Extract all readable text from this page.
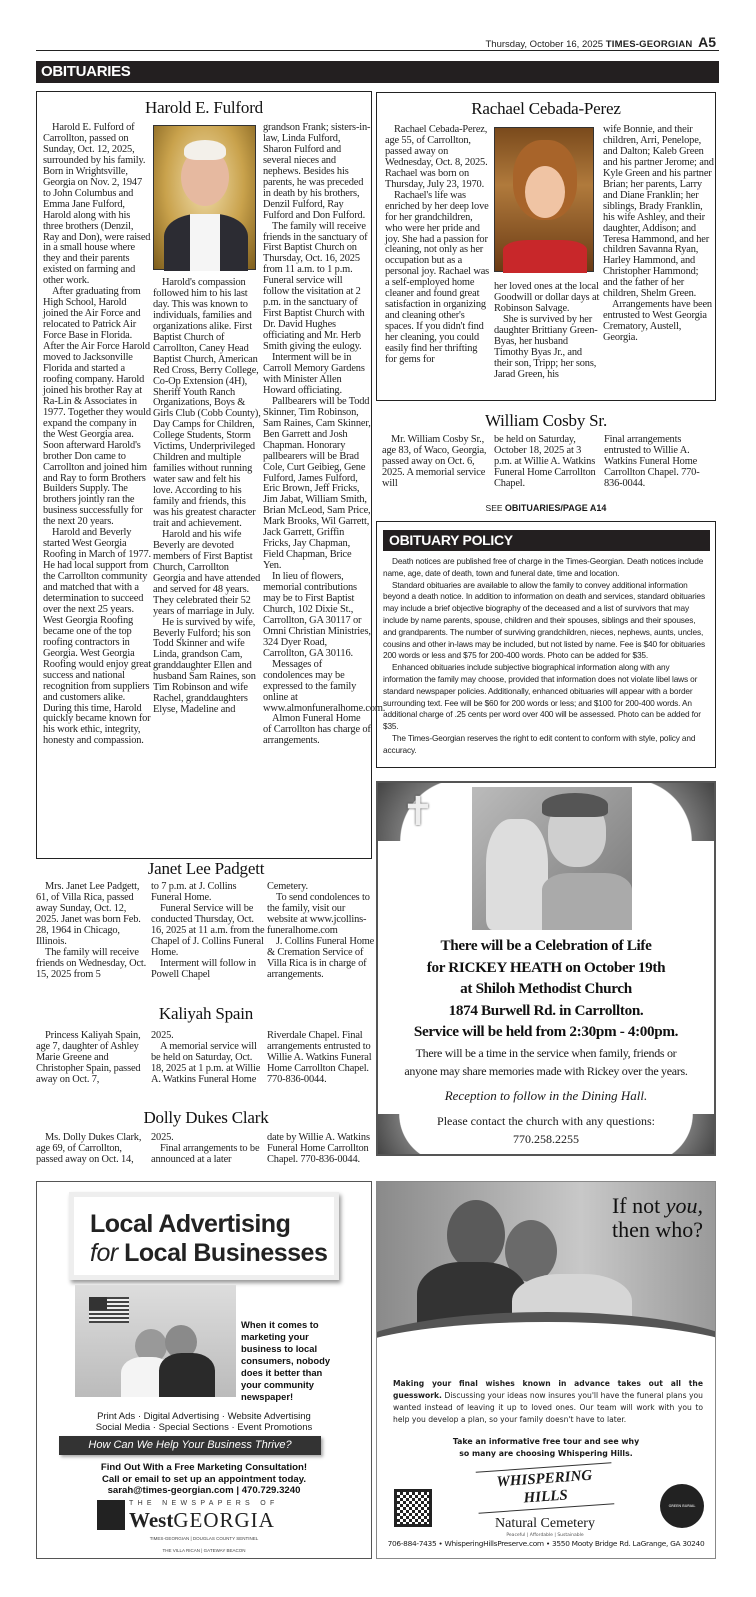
Thursday, October 16, 2025 TIMES-GEORGIAN A5
OBITUARIES
Harold E. Fulford

Harold E. Fulford of Carrollton, passed on Sunday, Oct. 12, 2025, surrounded by his family. Born in Wrightsville, Georgia on Nov. 2, 1947 to John Columbus and Emma Jane Fulford, Harold along with his three brothers (Denzil, Ray and Don), were raised in a small house where they and their parents existed on farming and other work.

After graduating from High School, Harold joined the Air Force and relocated to Patrick Air Force Base in Florida. After the Air Force Harold moved to Jacksonville Florida and started a roofing company. Harold joined his brother Ray at Ra-Lin & Associates in 1977. Together they would expand the company in the West Georgia area. Soon afterward Harold's brother Don came to Carrollton and joined him and Ray to form Brothers Builders Supply. The brothers jointly ran the business successfully for the next 20 years.

Harold and Beverly started West Georgia Roofing in March of 1977. He had local support from the Carrollton community and matched that with a determination to succeed over the next 25 years. West Georgia Roofing became one of the top roofing contractors in Georgia. West Georgia Roofing would enjoy great success and national recognition from suppliers and customers alike. During this time, Harold quickly became known for his work ethic, integrity, honesty and compassion.

Harold's compassion followed him to his last day. This was known to individuals, families and organizations alike. First Baptist Church of Carrollton, Caney Head Baptist Church, American Red Cross, Berry College, Co-Op Extension (4H), Sheriff Youth Ranch Organizations, Boys & Girls Club (Cobb County), Day Camps for Children, College Students, Storm Victims, Underprivileged Children and multiple families without running water saw and felt his love. According to his family and friends, this was his greatest character trait and achievement.

Harold and his wife Beverly are devoted members of First Baptist Church, Carrollton Georgia and have attended and served for 48 years. They celebrated their 52 years of marriage in July.

He is survived by wife, Beverly Fulford; his son Todd Skinner and wife Linda, grandson Cam, granddaughter Ellen and husband Sam Raines, son Tim Robinson and wife Rachel, granddaughters Elyse, Madeline and

grandson Frank; sisters-in-law, Linda Fulford, Sharon Fulford and several nieces and nephews. Besides his parents, he was preceded in death by his brothers, Denzil Fulford, Ray Fulford and Don Fulford.

The family will receive friends in the sanctuary of First Baptist Church on Thursday, Oct. 16, 2025 from 11 a.m. to 1 p.m. Funeral service will follow the visitation at 2 p.m. in the sanctuary of First Baptist Church with Dr. David Hughes officiating and Mr. Herb Smith giving the eulogy.

Interment will be in Carroll Memory Gardens with Minister Allen Howard officiating.

Pallbearers will be Todd Skinner, Tim Robinson, Sam Raines, Cam Skinner, Ben Garrett and Josh Chapman. Honorary pallbearers will be Brad Cole, Curt Geibieg, Gene Fulford, James Fulford, Eric Brown, Jeff Fricks, Jim Jabat, William Smith, Brian McLeod, Sam Price, Mark Brooks, Wil Garrett, Jack Garrett, Griffin Fricks, Jay Chapman, Field Chapman, Brice Yen.

In lieu of flowers, memorial contributions may be to First Baptist Church, 102 Dixie St., Carrollton, GA 30117 or Omni Christian Ministries, 324 Dyer Road, Carrollton, GA 30116.

Messages of condolences may be expressed to the family online at www.almonfuneralhome.com.

Almon Funeral Home of Carrollton has charge of arrangements.

Rachael Cebada-Perez

Rachael Cebada-Perez, age 55, of Carrollton, passed away on Wednesday, Oct. 8, 2025. Rachael was born on Thursday, July 23, 1970.

Rachael's life was enriched by her deep love for her grandchildren, who were her pride and joy. She had a passion for cleaning, not only as her occupation but as a personal joy. Rachael was a self-employed home cleaner and found great satisfaction in organizing and cleaning other's spaces. If you didn't find her cleaning, you could easily find her thrifting for gems for

her loved ones at the local Goodwill or dollar days at Robinson Salvage.

She is survived by her daughter Brittiany Green-Byas, her husband Timothy Byas Jr., and their son, Tripp; her sons, Jarad Green, his

wife Bonnie, and their children, Arri, Penelope, and Dalton; Kaleb Green and his partner Jerome; and Kyle Green and his partner Brian; her parents, Larry and Diane Franklin; her siblings, Brady Franklin, his wife Ashley, and their daughter, Addison; and Teresa Hammond, and her children Savanna Ryan, Harley Hammond, and Christopher Hammond; and the father of her children, Shelm Green.

Arrangements have been entrusted to West Georgia Crematory, Austell, Georgia.

William Cosby Sr.

Mr. William Cosby Sr., age 83, of Waco, Georgia, passed away on Oct. 6, 2025. A memorial service will

be held on Saturday, October 18, 2025 at 3 p.m. at Willie A. Watkins Funeral Home Carrollton Chapel.

Final arrangements entrusted to Willie A. Watkins Funeral Home Carrollton Chapel. 770-836-0044.

SEE OBITUARIES/PAGE A14
OBITUARY POLICY

Death notices are published free of charge in the Times-Georgian. Death notices include name, age, date of death, town and funeral date, time and location.

Standard obituaries are available to allow the family to convey additional information beyond a death notice. In addition to information on death and services, standard obituaries may include a brief objective biography of the deceased and a list of survivors that may include by name parents, spouse, children and their spouses, siblings and their spouses, and grandparents. The number of surviving grandchildren, nieces, nephews, aunts, uncles, cousins and other in-laws may be included, but not listed by name. Fee is $40 for obituaries 200 words or less and $75 for 200-400 words. Photo can be added for $35.

Enhanced obituaries include subjective biographical information along with any information the family may choose, provided that information does not violate libel laws or standard newspaper policies. Additionally, enhanced obituaries will appear with a border surrounding text. Fee will be $60 for 200 words or less; and $100 for 200-400 words. An additional charge of .25 cents per word over 400 will be assessed. Photo can be added for $35.

The Times-Georgian reserves the right to edit content to conform with style, policy and accuracy.

✝
There will be a Celebration of Life
for RICKEY HEATH on October 19th
at Shiloh Methodist Church
1874 Burwell Rd. in Carrollton.
Service will be held from 2:30pm - 4:00pm.
There will be a time in the service when family, friends or
anyone may share memories made with Rickey over the years.
Reception to follow in the Dining Hall.
Please contact the church with any questions:
770.258.2255
Janet Lee Padgett

Mrs. Janet Lee Padgett, 61, of Villa Rica, passed away Sunday, Oct. 12, 2025. Janet was born Feb. 28, 1964 in Chicago, Illinois.

The family will receive friends on Wednesday, Oct. 15, 2025 from 5

to 7 p.m. at J. Collins Funeral Home.

Funeral Service will be conducted Thursday, Oct. 16, 2025 at 11 a.m. from the Chapel of J. Collins Funeral Home.

Interment will follow in Powell Chapel

Cemetery.

To send condolences to the family, visit our website at www.jcollins-funeralhome.com

J. Collins Funeral Home & Cremation Service of Villa Rica is in charge of arrangements.

Kaliyah Spain

Princess Kaliyah Spain, age 7, daughter of Ashley Marie Greene and Christopher Spain, passed away on Oct. 7,

2025.

A memorial service will be held on Saturday, Oct. 18, 2025 at 1 p.m. at Willie A. Watkins Funeral Home

Riverdale Chapel. Final arrangements entrusted to Willie A. Watkins Funeral Home Carrollton Chapel. 770-836-0044.

Dolly Dukes Clark

Ms. Dolly Dukes Clark, age 69, of Carrollton, passed away on Oct. 14,

2025.

Final arrangements to be announced at a later

date by Willie A. Watkins Funeral Home Carrollton Chapel. 770-836-0044.

Local Advertising
for Local Businesses
When it comes to marketing your business to local consumers, nobody does it better than your community newspaper!
Print Ads · Digital Advertising · Website Advertising
Social Media · Special Sections · Event Promotions
How Can We Help Your Business Thrive?
Find Out With a Free Marketing Consultation!
Call or email to set up an appointment today.
sarah@times-georgian.com | 470.729.3240
THE NEWSPAPERS OF
WestGEORGIA
TIMES-GEORGIAN | DOUGLAS COUNTY SENTINEL
THE VILLA RICAN | GATEWAY BEACON
If not you,
then who?
Making your final wishes known in advance takes out all the guesswork. Discussing your ideas now insures you'll have the funeral plans you wanted instead of leaving it up to loved ones. Our team will work with you to help you develop a plan, so your family doesn't have to later.
Take an informative free tour and see why
so many are choosing Whispering Hills.
WHISPERING HILLS
Natural Cemetery
Peaceful | Affordable | Sustainable
GREEN BURIAL COUNCIL
706-884-7435 • WhisperingHillsPreserve.com • 3550 Mooty Bridge Rd. LaGrange, GA 30240
